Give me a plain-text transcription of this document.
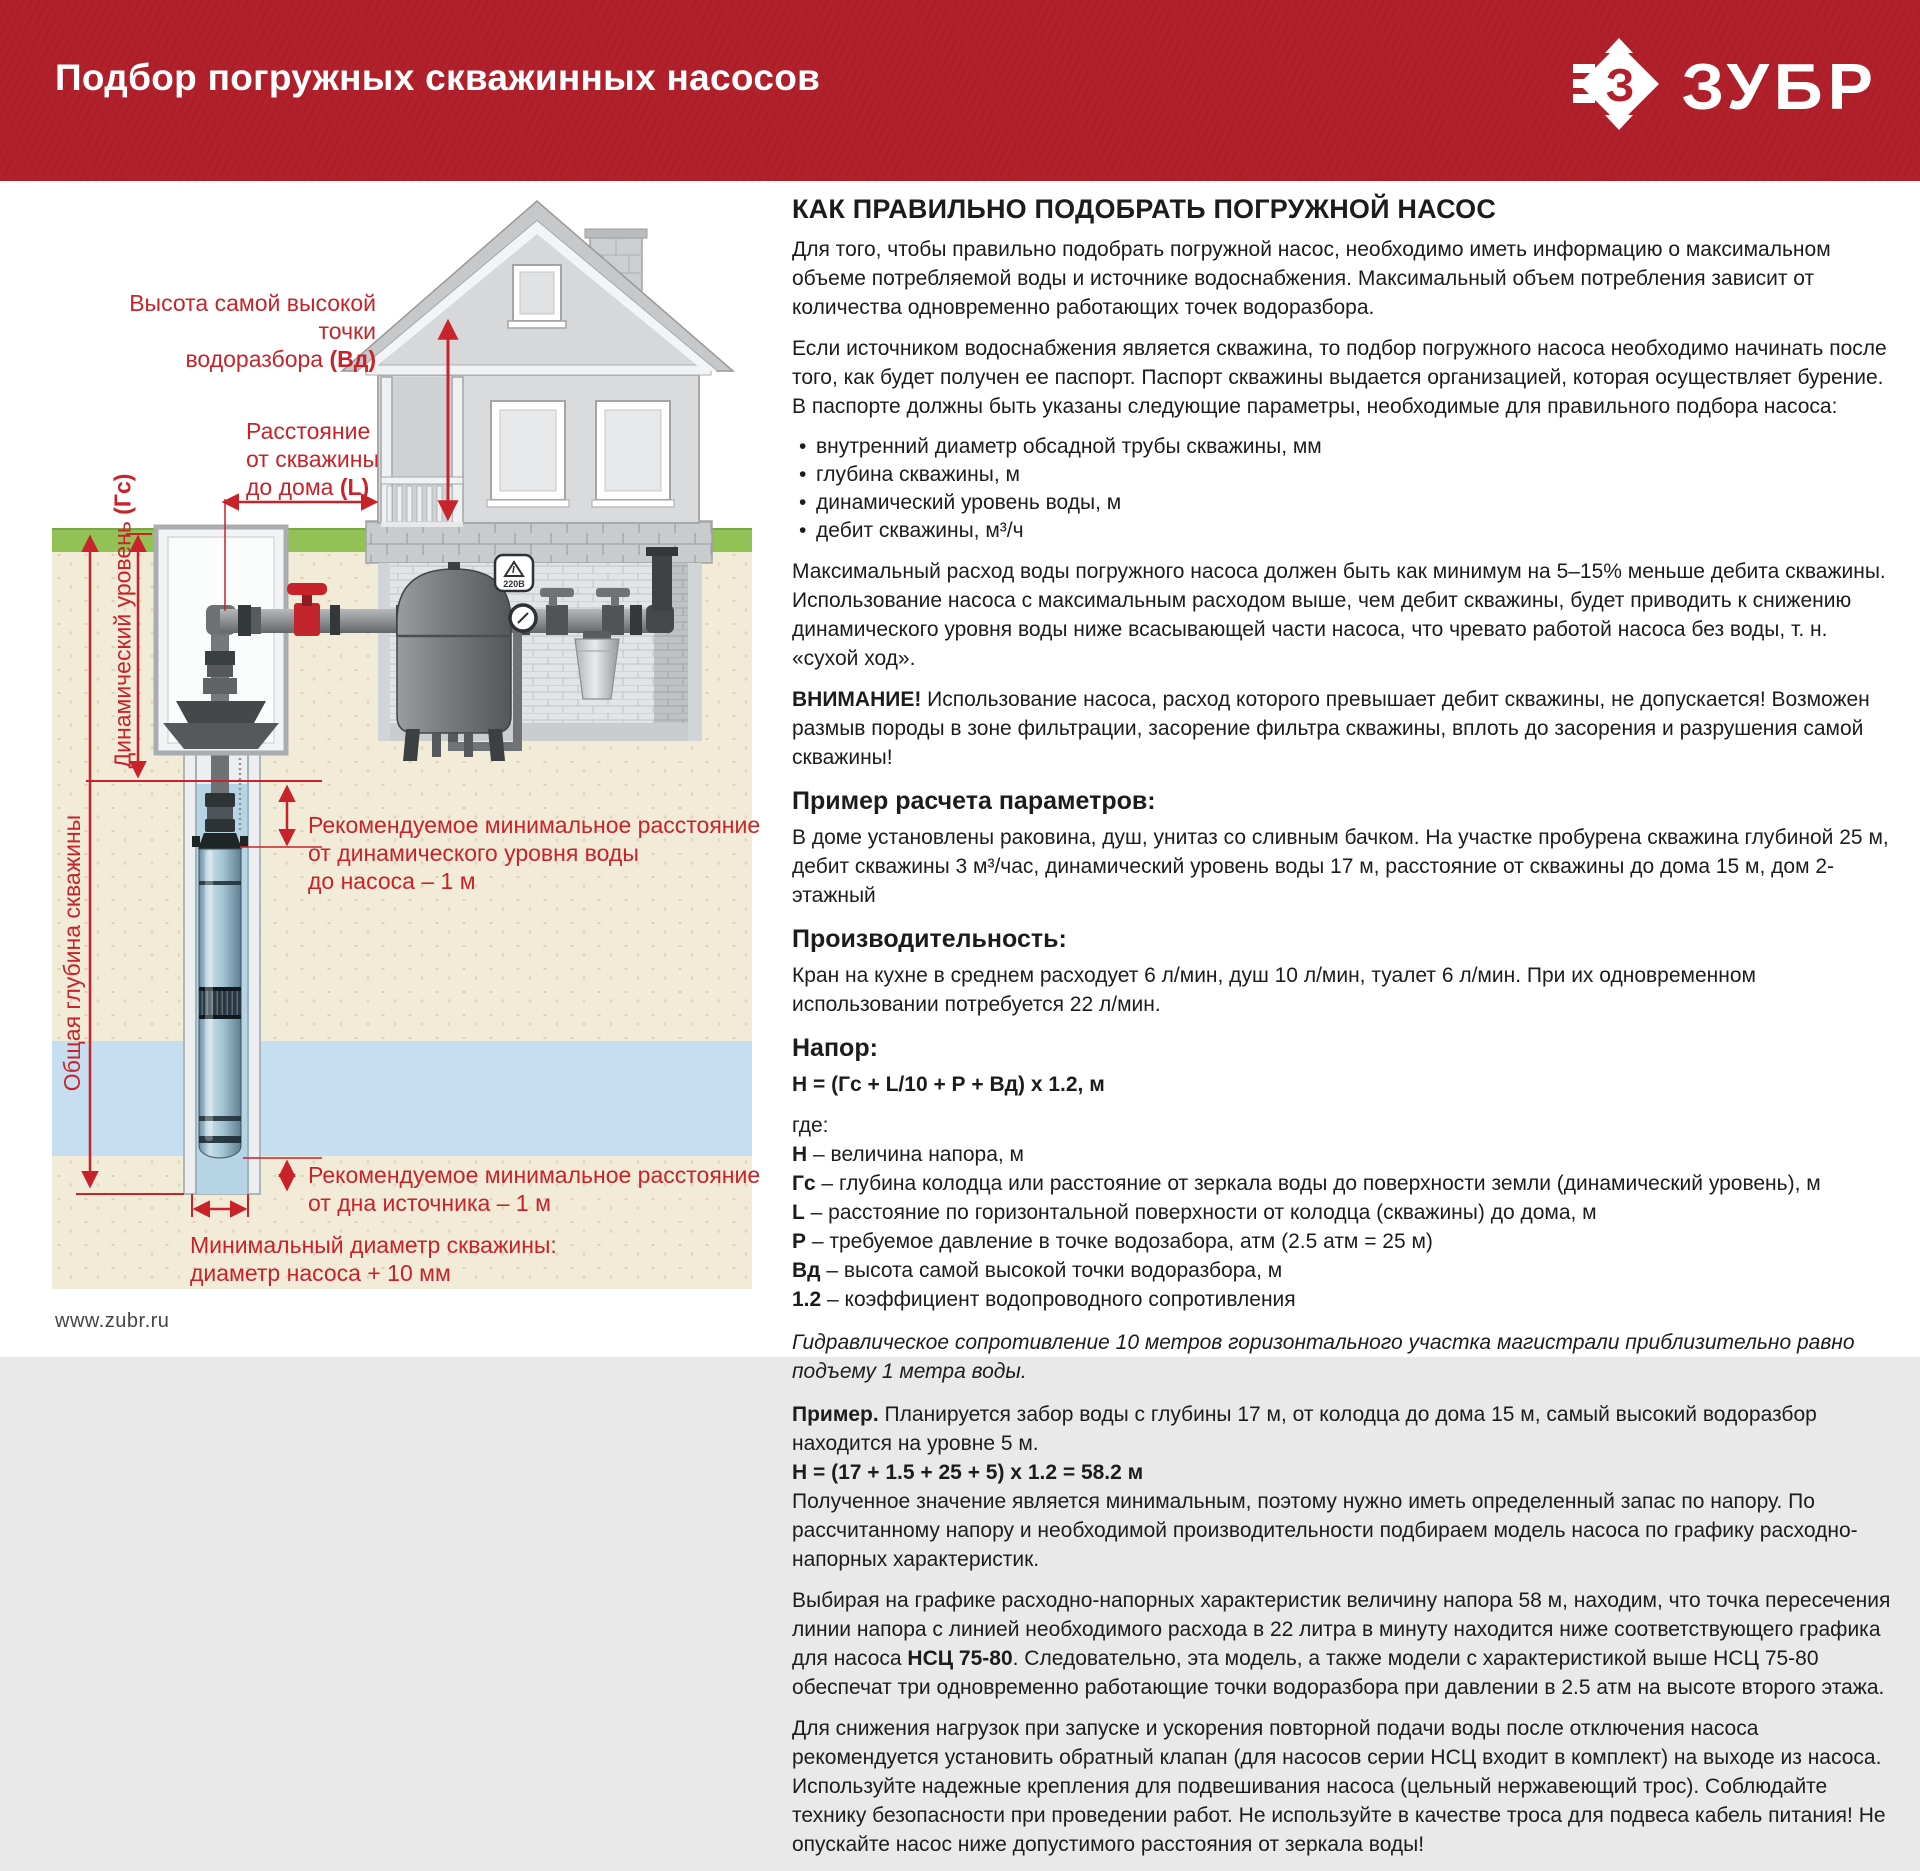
Подбор погружных скважинных насосов	З ЗУБР
220В
Высота самой высокой точки
водоразбора (Вд)
Расстояние
от скважины
до дома (L)
Динамический уровень (Гс)
Общая глубина скважины	Рекомендуемое минимальное расстояние
от динамического уровня воды
до насоса – 1 м
Рекомендуемое минимальное расстояние
от дна источника – 1 м
Минимальный диаметр скважины:
диаметр насоса + 10 мм
КАК ПРАВИЛЬНО ПОДОБРАТЬ ПОГРУЖНОЙ НАСОС

Для того, чтобы правильно подобрать погружной насос, необходимо иметь информацию о максимальном объеме потребляемой воды и источнике водоснабжения. Максимальный объем потребления зависит от количества одновременно работающих точек водоразбора.

Если источником водоснабжения является скважина, то подбор погружного насоса необходимо начинать после того, как будет получен ее паспорт. Паспорт скважины выдается организацией, которая осуществляет бурение. В паспорте должны быть указаны следующие параметры, необходимые для правильного подбора насоса:

• внутренний диаметр обсадной трубы скважины, мм
• глубина скважины, м
• динамический уровень воды, м
• дебит скважины, м³/ч

Максимальный расход воды погружного насоса должен быть как минимум на 5–15% меньше дебита скважины. Использование насоса с максимальным расходом выше, чем дебит скважины, будет приводить к снижению динамического уровня воды ниже всасывающей части насоса, что чревато работой насоса без воды, т. н. «сухой ход».

ВНИМАНИЕ! Использование насоса, расход которого превышает дебит скважины, не допускается! Возможен размыв породы в зоне фильтрации, засорение фильтра скважины, вплоть до засорения и разрушения самой скважины!

Пример расчета параметров:

В доме установлены раковина, душ, унитаз со сливным бачком. На участке пробурена скважина глубиной 25 м, дебит скважины 3 м³/час, динамический уровень воды 17 м, расстояние от скважины до дома 15 м, дом 2-этажный

Производительность:

Кран на кухне в среднем расходует 6 л/мин, душ 10 л/мин, туалет 6 л/мин. При их одновременном использовании потребуется 22 л/мин.

Напор:

Н = (Гс + L/10 + Р + Вд) x 1.2, м

где:

Н – величина напора, м
Гс – глубина колодца или расстояние от зеркала воды до поверхности земли (динамический уровень), м
L – расстояние по горизонтальной поверхности от колодца (скважины) до дома, м
Р – требуемое давление в точке водозабора, атм (2.5 атм = 25 м)
Вд – высота самой высокой точки водоразбора, м
1.2 – коэффициент водопроводного сопротивления

Гидравлическое сопротивление 10 метров горизонтального участка магистрали приблизительно равно подъему 1 метра воды.

Пример. Планируется забор воды с глубины 17 м, от колодца до дома 15 м, самый высокий водоразбор находится на уровне 5 м.

Н = (17 + 1.5 + 25 + 5) x 1.2 = 58.2 м

Полученное значение является минимальным, поэтому нужно иметь определенный запас по напору. По рассчитанному напору и необходимой производительности подбираем модель насоса по графику расходно-напорных характеристик.

Выбирая на графике расходно-напорных характеристик величину напора 58 м, находим, что точка пересечения линии напора с линией необходимого расхода в 22 литра в минуту находится ниже соответствующего графика для насоса НСЦ 75-80. Следовательно, эта модель, а также модели с характеристикой выше НСЦ 75-80 обеспечат три одновременно работающие точки водоразбора при давлении в 2.5 атм на высоте второго этажа.

Для снижения нагрузок при запуске и ускорения повторной подачи воды после отключения насоса рекомендуется установить обратный клапан (для насосов серии НСЦ входит в комплект) на выходе из насоса. Используйте надежные крепления для подвешивания насоса (цельный нержавеющий трос). Соблюдайте технику безопасности при проведении работ. Не используйте в качестве троса для подвеса кабель питания! Не опускайте насос ниже допустимого расстояния от зеркала воды!

www.zubr.ru
